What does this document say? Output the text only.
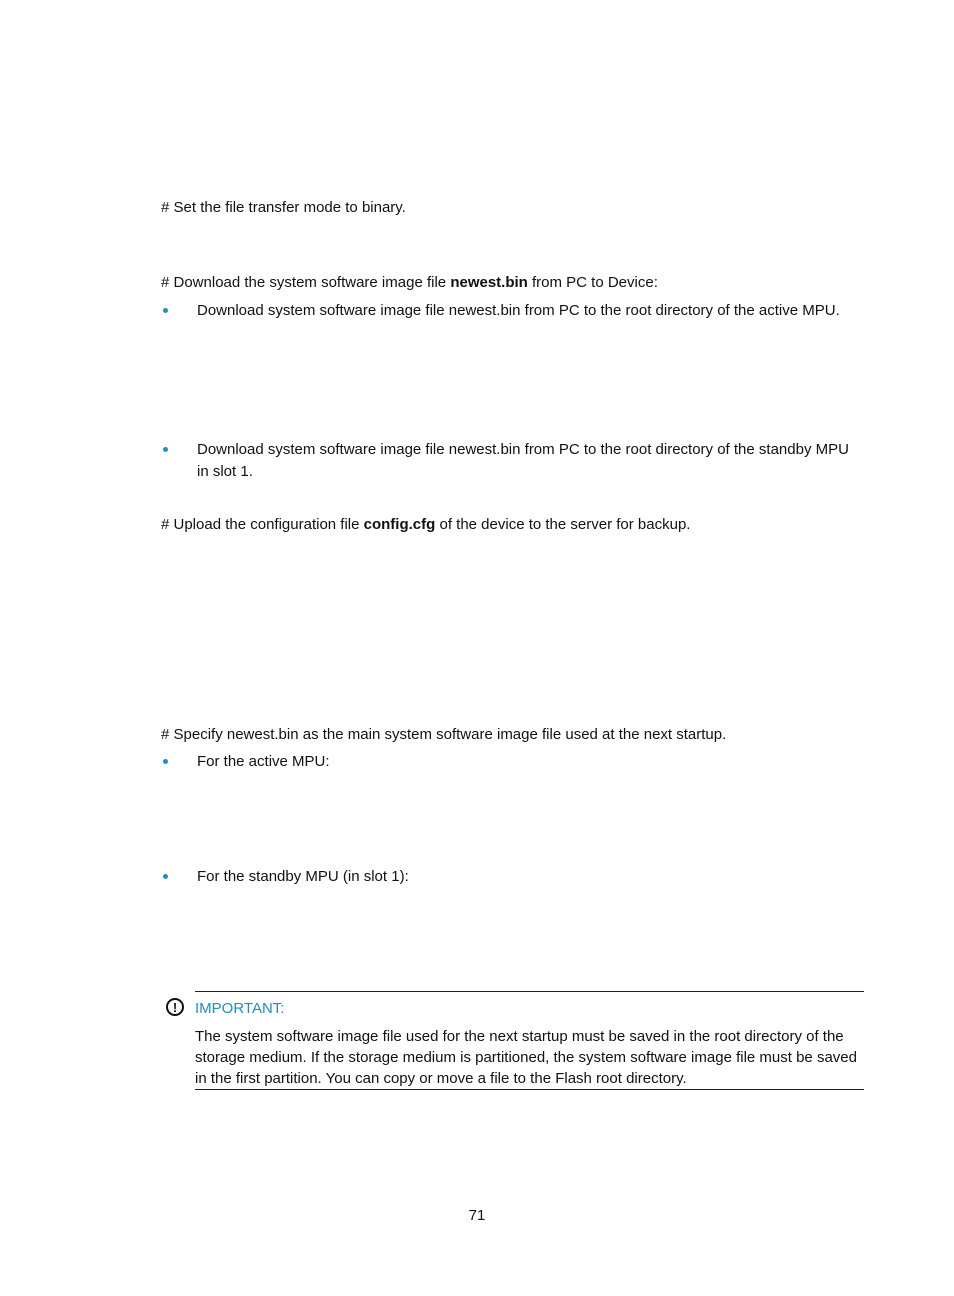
# Set the file transfer mode to binary.
# Download the system software image file newest.bin from PC to Device:
Download system software image file newest.bin from PC to the root directory of the active MPU.
Download system software image file newest.bin from PC to the root directory of the standby MPU
in slot 1.
# Upload the configuration file config.cfg of the device to the server for backup.
# Specify newest.bin as the main system software image file used at the next startup.
For the active MPU:
For the standby MPU (in slot 1):
!	IMPORTANT:
The system software image file used for the next startup must be saved in the root directory of the storage medium. If the storage medium is partitioned, the system software image file must be saved in the first partition. You can copy or move a file to the Flash root directory.
71
